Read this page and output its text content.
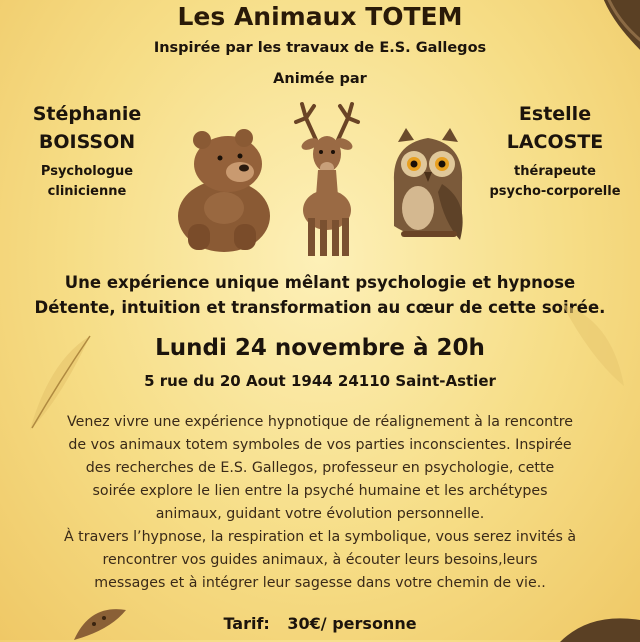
Les Animaux TOTEM
Inspirée par les travaux de E.S. Gallegos
Animée par
Stéphanie
BOISSON
Psychologue
clinicienne
Estelle
LACOSTE
thérapeute
psycho-corporelle
Une expérience unique mêlant psychologie et hypnose
Détente, intuition et transformation au cœur de cette soirée.
Lundi 24 novembre à 20h
5 rue du 20 Aout 1944 24110 Saint-Astier
Venez vivre une expérience hypnotique de réalignement à la rencontre
de vos animaux totem symboles de vos parties inconscientes. Inspirée
des recherches de E.S. Gallegos, professeur en psychologie, cette
soirée explore le lien entre la psyché humaine et les archétypes
animaux, guidant votre évolution personnelle.
À travers l’hypnose, la respiration et la symbolique, vous serez invités à
rencontrer vos guides animaux, à écouter leurs besoins,leurs
messages et à intégrer leur sagesse dans votre chemin de vie..
Tarif: 30€/ personne
